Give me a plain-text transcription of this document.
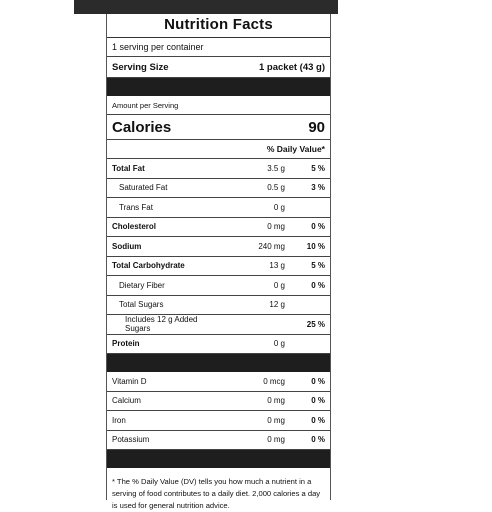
Nutrition Facts
1 serving per container
Serving Size	1 packet (43 g)
Amount per Serving
Calories	90
% Daily Value*
Total Fat	3.5 g	5 %
Saturated Fat	0.5 g	3 %
Trans Fat	0 g
Cholesterol	0 mg	0 %
Sodium	240 mg	10 %
Total Carbohydrate	13 g	5 %
Dietary Fiber	0 g	0 %
Total Sugars	12 g
Includes 12 g Added Sugars	25 %
Protein	0 g
Vitamin D	0 mcg	0 %
Calcium	0 mg	0 %
Iron	0 mg	0 %
Potassium	0 mg	0 %
* The % Daily Value (DV) tells you how much a nutrient in a serving of food contributes to a daily diet. 2,000 calories a day is used for general nutrition advice.
